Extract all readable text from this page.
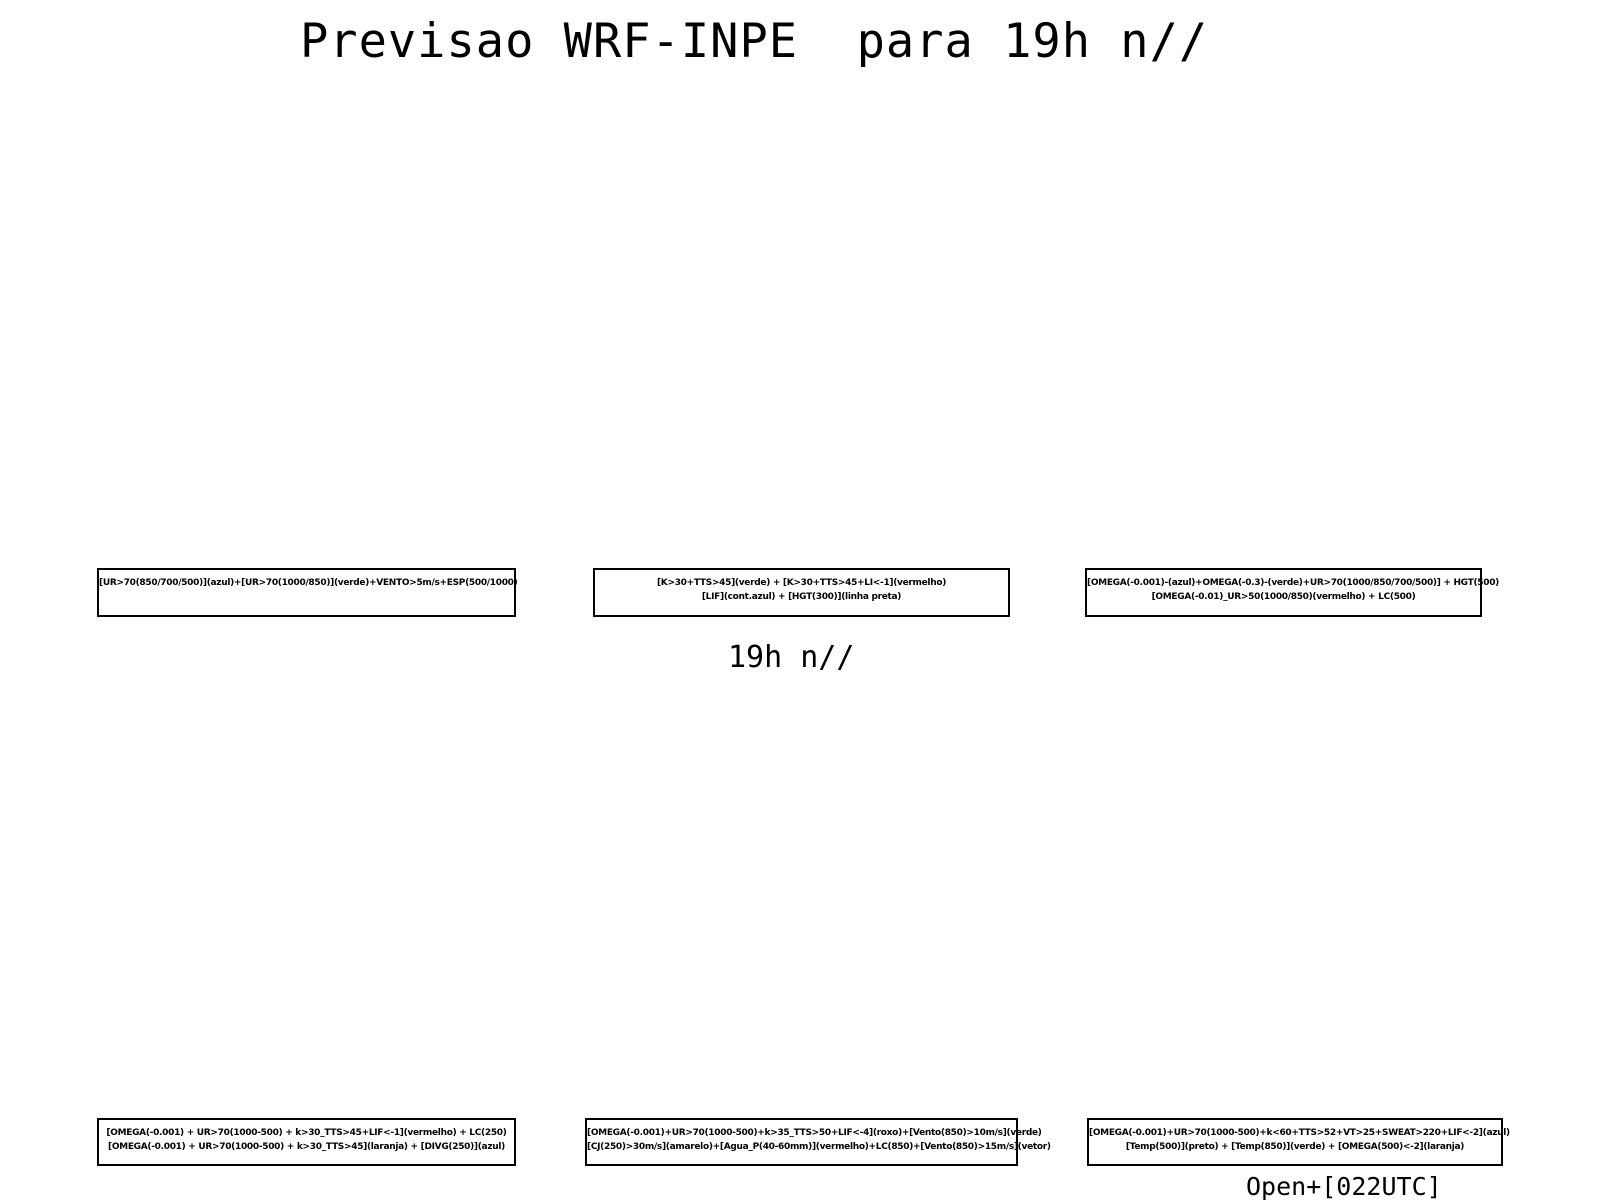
Previsao WRF-INPE  para 19h n//
[UR>70(850/700/500)](azul)+[UR>70(1000/850)](verde)+VENTO>5m/s+ESP(500/1000)	[K>30+TTS>45](verde) + [K>30+TTS>45+LI<-1](vermelho)
[LIF](cont.azul) + [HGT(300)](linha preta)
[OMEGA(-0.001)-(azul)+OMEGA(-0.3)-(verde)+UR>70(1000/850/700/500)] + HGT(500)
[OMEGA(-0.01)_UR>50(1000/850)(vermelho) + LC(500)
19h n//
[OMEGA(-0.001) + UR>70(1000-500) + k>30_TTS>45+LIF<-1](vermelho) + LC(250)
[OMEGA(-0.001) + UR>70(1000-500) + k>30_TTS>45](laranja) + [DIVG(250)](azul)
[OMEGA(-0.001)+UR>70(1000-500)+k>35_TTS>50+LIF<-4](roxo)+[Vento(850)>10m/s](verde)
[CJ(250)>30m/s](amarelo)+[Agua_P(40-60mm)](vermelho)+LC(850)+[Vento(850)>15m/s](vetor)
[OMEGA(-0.001)+UR>70(1000-500)+k<60+TTS>52+VT>25+SWEAT>220+LIF<-2](azul)
[Temp(500)](preto) + [Temp(850)](verde) + [OMEGA(500)<-2](laranja)
Open+[022UTC]
